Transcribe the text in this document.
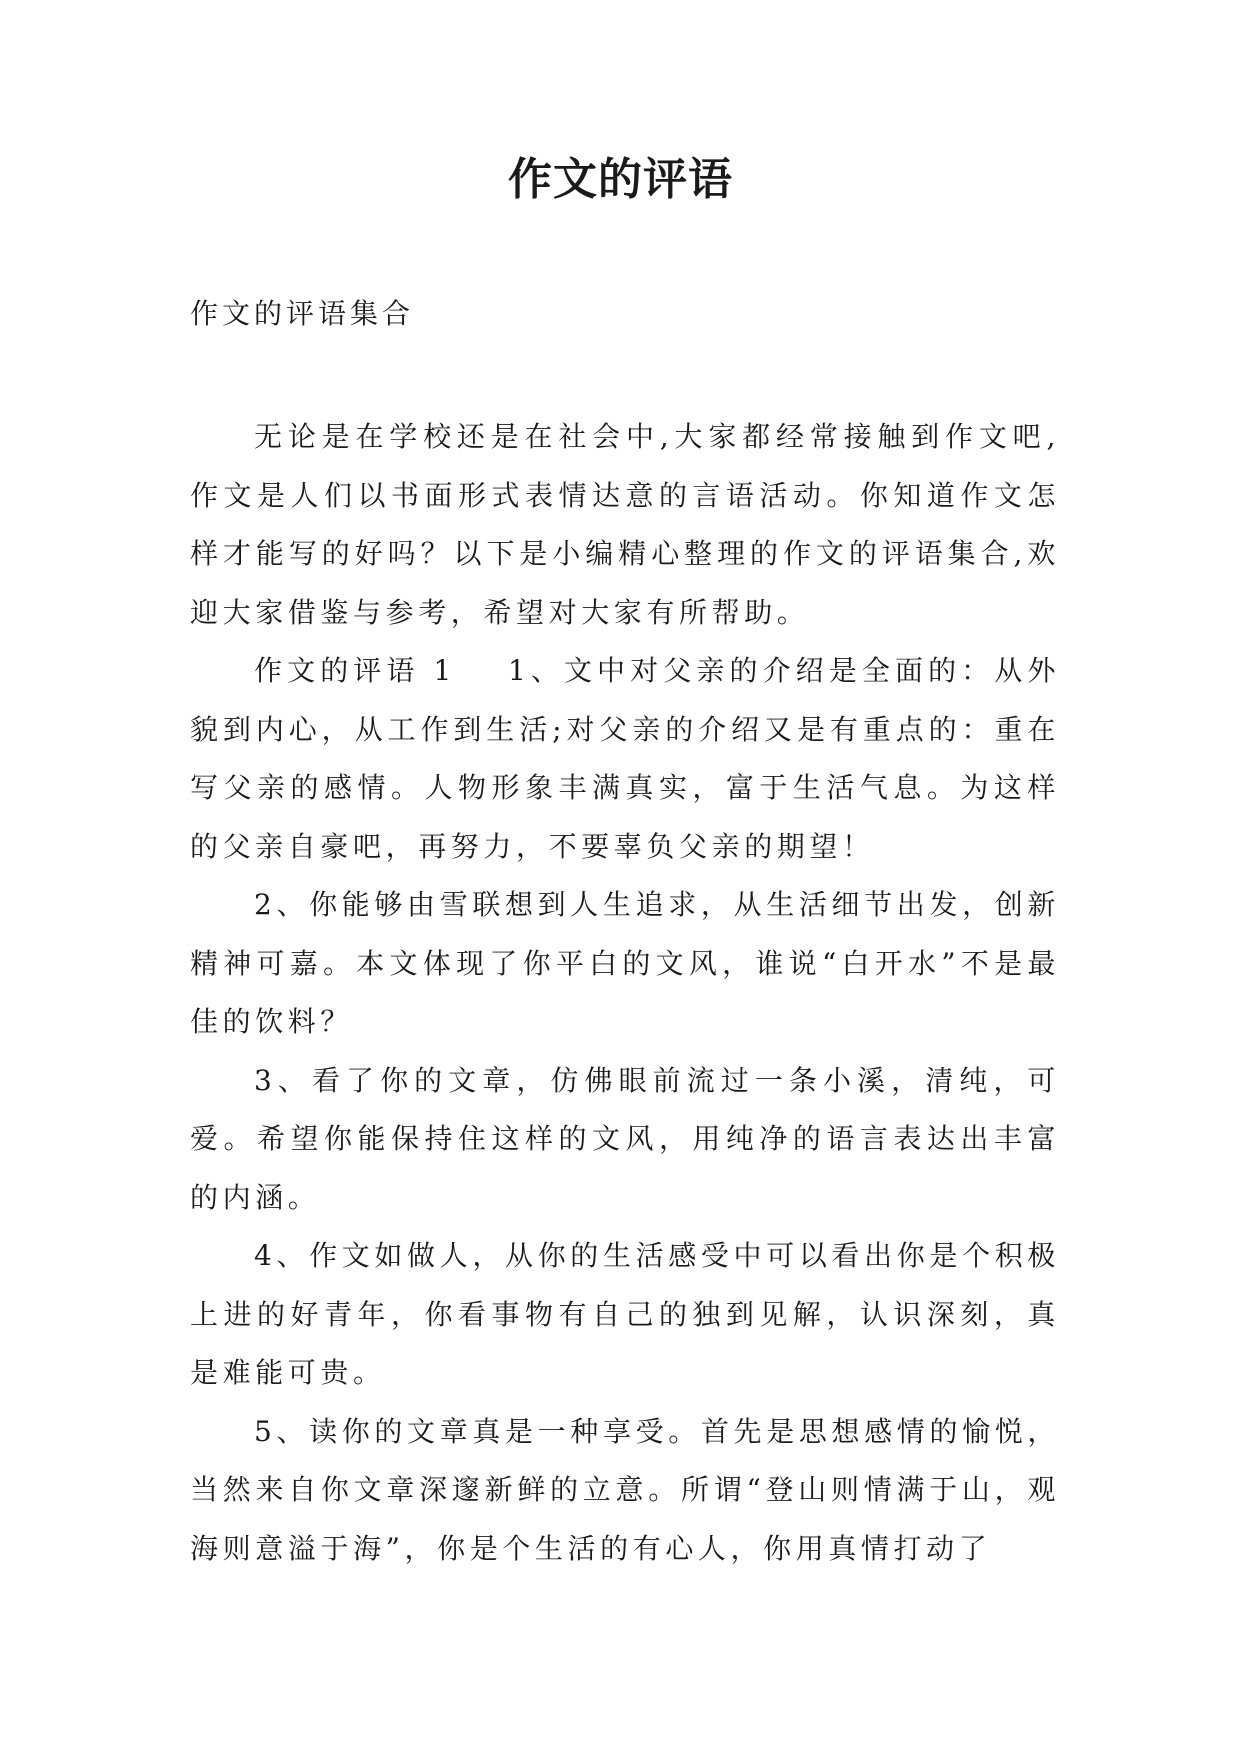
作文的评语

作文的评语集合

无论是在学校还是在社会中,大家都经常接触到作文吧,作文是人们以书面形式表情达意的言语活动。你知道作文怎样才能写的好吗？以下是小编精心整理的作文的评语集合,欢迎大家借鉴与参考，希望对大家有所帮助。

作文的评语 1 1、文中对父亲的介绍是全面的：从外貌到内心，从工作到生活;对父亲的介绍又是有重点的：重在写父亲的感情。人物形象丰满真实，富于生活气息。为这样的父亲自豪吧，再努力，不要辜负父亲的期望！

2、你能够由雪联想到人生追求，从生活细节出发，创新精神可嘉。本文体现了你平白的文风，谁说“白开水”不是最佳的饮料？

3、看了你的文章，仿佛眼前流过一条小溪，清纯，可爱。希望你能保持住这样的文风，用纯净的语言表达出丰富的内涵。

4、作文如做人，从你的生活感受中可以看出你是个积极上进的好青年，你看事物有自己的独到见解，认识深刻，真是难能可贵。

5、读你的文章真是一种享受。首先是思想感情的愉悦，当然来自你文章深邃新鲜的立意。所谓“登山则情满于山，观海则意溢于海”，你是个生活的有心人，你用真情打动了
